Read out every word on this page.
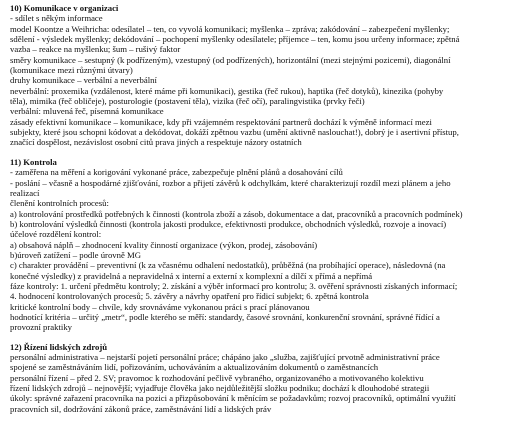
10) Komunikace v organizaci
- sdílet s někým informace
model Koontze a Weihricha: odesílatel – ten, co vyvolá komunikaci; myšlenka – zpráva; zakódování – zabezpečení myšlenky;
sdělení - výsledek myšlenky; dekódování – pochopení myšlenky odesílatele; příjemce – ten, komu jsou určeny informace; zpětná
vazba – reakce na myšlenku; šum – rušivý faktor
směry komunikace – sestupný (k podřízeným), vzestupný (od podřízených), horizontální (mezi stejnými pozicemi), diagonální
(komunikace mezi různými útvary)
druhy komunikace – verbální a neverbální
neverbální: proxemika (vzdálenost, které máme při komunikaci), gestika (řeč rukou), haptika (řeč dotyků), kinezika (pohyby
těla), mimika (řeč obličeje), posturologie (postavení těla), vizika (řeč očí), paralingvistika (prvky řeči)
verbální: mluvená řeč, písemná komunikace
zásady efektivní komunikace – komunikace, kdy při vzájemném respektování partnerů dochází k výměně informací mezi
subjekty, které jsou schopni kódovat a dekódovat, dokáží zpětnou vazbu (umění aktivně naslouchat!), dobrý je i asertivní přístup,
značící dospělost, nezávislost osobní citů prava jiných a respektuje názory ostatních
11) Kontrola
- zaměřena na měření a korigování vykonané práce, zabezpečuje plnění plánů a dosahování cílů
- poslání – včasně a hospodárné zjišťování, rozbor a přijetí závěrů k odchylkám, které charakterizují rozdíl mezi plánem a jeho
realizací
členění kontrolních procesů:
a) kontrolování prostředků potřebných k činnosti (kontrola zboží a zásob, dokumentace a dat, pracovníků a pracovních podmínek)
b) kontrolování výsledků činnosti (kontrola jakosti produkce, efektivnosti produkce, obchodních výsledků, rozvoje a inovací)
účelové rozdělení kontrol:
a) obsahová náplň – zhodnocení kvality činností organizace (výkon, prodej, zásobování)
b)úroveň zatížení – podle úrovně MG
c) charakter provádění – preventivní (k za včasnému odhalení nedostatků), průběžná (na probíhající operace), následovná (na
konečné výsledky) z pravidelná a nepravidelná x interní a externí x komplexní a dílčí x přímá a nepřímá
fáze kontroly: 1. určení předmětu kontroly; 2. získání a výběr informací pro kontrolu; 3. ověření správnosti získaných informací;
4. hodnocení kontrolovaných procesů; 5. závěry a návrhy opatření pro řídicí subjekt; 6. zpětná kontrola
kritické kontrolní body – chvíle, kdy srovnáváme vykonanou práci s prací plánovanou
hodnotící kritéria – určitý „metr“, podle kterého se měří: standardy, časové srovnání, konkurenční srovnání, správné řídící a
provozní praktiky
12) Řízení lidských zdrojů
personální administrativa – nejstarší pojetí personální práce; chápáno jako „služba, zajišťující prvotně administrativní práce
spojené se zaměstnáváním lidí, pořizováním, uchováváním a aktualizováním dokumentů o zaměstnancích
personální řízení – před 2. SV; pravomoc k rozhodování pečlivě vybraného, organizovaného a motivovaného kolektivu
řízení lidských zdrojů – nejnovější; vyjadřuje člověka jako nejdůležitější složku podniku; dochází k dlouhodobé strategii
úkoly: správné zařazení pracovníka na pozici a přizpůsobování k měnícím se požadavkům; rozvoj pracovníků, optimální využití
pracovních sil, dodržování zákonů práce, zaměstnávání lidí a lidských práv
